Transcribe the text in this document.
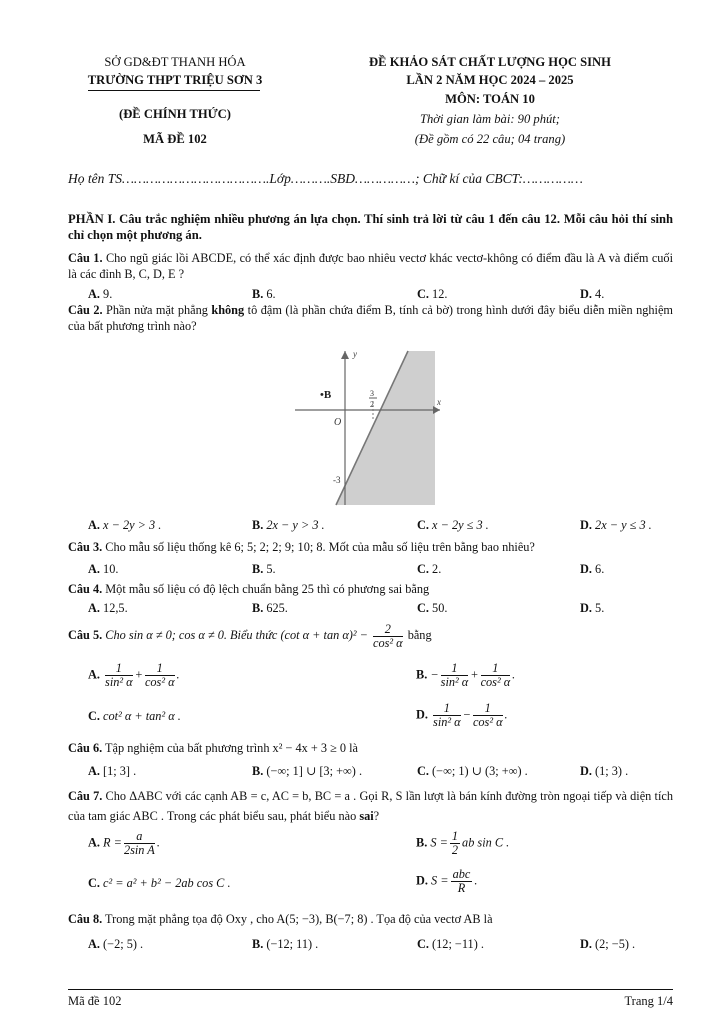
SỞ GD&ĐT THANH HÓA
TRƯỜNG THPT TRIỆU SƠN 3
(ĐỀ CHÍNH THỨC)
MÃ ĐỀ 102
ĐỀ KHẢO SÁT CHẤT LƯỢNG HỌC SINH
LẦN 2 NĂM HỌC 2024 – 2025
MÔN: TOÁN 10
Thời gian làm bài: 90 phút;
(Đề gồm có 22 câu; 04 trang)
Họ tên TS……………………………….Lớp……….SBD……………; Chữ kí của CBCT:……………
PHẦN I. Câu trắc nghiệm nhiều phương án lựa chọn. Thí sinh trả lời từ câu 1 đến câu 12. Mỗi câu hỏi thí sinh chỉ chọn một phương án.
Câu 1. Cho ngũ giác lồi ABCDE, có thể xác định được bao nhiêu vectơ khác vectơ-không có điểm đầu là A và điểm cuối là các đỉnh B, C, D, E ?
A. 9.	B. 6.	C. 12.	D. 4.
Câu 2. Phần nửa mặt phẳng không tô đậm (là phần chứa điểm B, tính cả bờ) trong hình dưới đây biểu diễn miền nghiệm của bất phương trình nào?
y
x
O
•B	3
2
-3
A. x − 2y > 3 .	B. 2x − y > 3 .	C. x − 2y ≤ 3 .	D. 2x − y ≤ 3 .
Câu 3. Cho mẫu số liệu thống kê 6; 5; 2; 2; 9; 10; 8. Mốt của mẫu số liệu trên bằng bao nhiêu?
A. 10.	B. 5.	C. 2.	D. 6.
Câu 4. Một mẫu số liệu có độ lệch chuẩn bằng 25 thì có phương sai bằng
A. 12,5.	B. 625.	C. 50.	D. 5.
Câu 5. Cho sin α ≠ 0; cos α ≠ 0. Biểu thức (cot $\alpha + \tan \alpha)^2 - \frac{2}{\text{cos² α}}$ bằng
A. $\frac{1}{\text{sin² α}} + \frac{1}{\text{cos² α}}$ .	B. − $\frac{1}{\text{sin² α}} + \frac{1}{\text{cos² α}}$ .
C. cot² α + tan² α .	D. $\frac{1}{\text{sin² α}} - \frac{1}{\text{cos² α}}$ .
Câu 6. Tập nghiệm của bất phương trình x² − 4x + 3 ≥ 0 là
A. [1; 3] .	B. (−∞; 1] ∪ [3; +∞) .	C. (−∞; 1) ∪ (3; +∞) .	D. (1; 3) .
Câu 7. Cho ΔABC với các cạnh AB = c, AC = b, BC = a . Gọi R, S lần lượt là bán kính đường tròn ngoại tiếp và diện tích của tam giác ABC . Trong các phát biểu sau, phát biểu nào sai?
A. $R = \frac{a}{\text{2sin A}}$ .	B. $S = \frac{1}{2}$ ab sin C .
C. c² = a² + b² − 2ab cos C .	D. $S = \frac{\text{abc}}{R}$ .
Câu 8. Trong mặt phẳng tọa độ Oxy , cho A(5; −3), B(−7; 8) . Tọa độ của vectơ AB là
A. (−2; 5) .	B. (−12; 11) .	C. (12; −11) .	D. (2; −5) .
Mã đề 102	Trang 1/4
